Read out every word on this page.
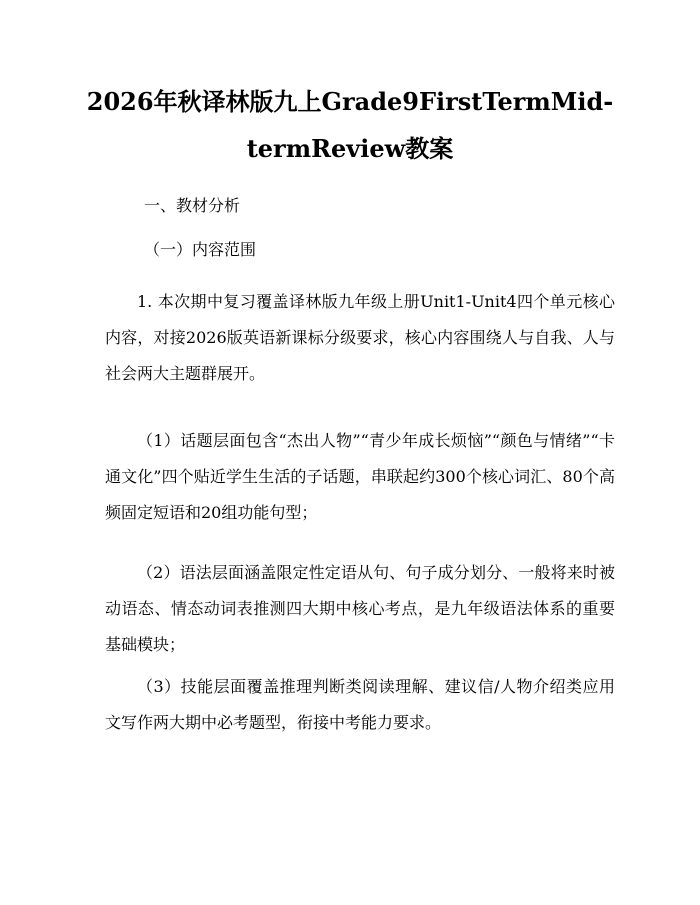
2026年秋译林版九上Grade9FirstTermMid-
termReview教案
一、教材分析
（一）内容范围
1. 本次期中复习覆盖译林版九年级上册Unit1-Unit4四个单元核心内容，对接2026版英语新课标分级要求，核心内容围绕人与自我、人与社会两大主题群展开。
（1）话题层面包含“杰出人物”“青少年成长烦恼”“颜色与情绪”“卡通文化”四个贴近学生生活的子话题，串联起约300个核心词汇、80个高频固定短语和20组功能句型；
（2）语法层面涵盖限定性定语从句、句子成分划分、一般将来时被动语态、情态动词表推测四大期中核心考点，是九年级语法体系的重要基础模块；
（3）技能层面覆盖推理判断类阅读理解、建议信/人物介绍类应用文写作两大期中必考题型，衔接中考能力要求。
